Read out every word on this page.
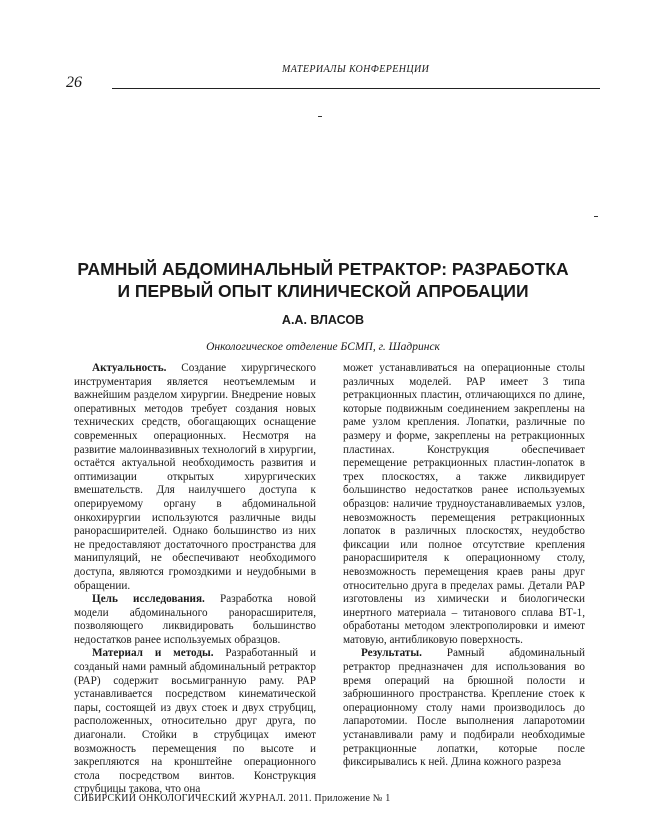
МАТЕРИАЛЫ КОНФЕРЕНЦИИ
26
РАМНЫЙ АБДОМИНАЛЬНЫЙ РЕТРАКТОР: РАЗРАБОТКА
И ПЕРВЫЙ ОПЫТ КЛИНИЧЕСКОЙ АПРОБАЦИИ
А.А. ВЛАСОВ
Онкологическое отделение БСМП, г. Шадринск

Актуальность. Создание хирургического инструментария является неотъемлемым и важнейшим разделом хирургии. Внедрение новых оперативных методов требует создания новых технических средств, обогащающих оснащение современных операционных. Несмотря на развитие малоинвазивных технологий в хирургии, остаётся актуальной необходимость развития и оптимизации открытых хирургических вмешательств. Для наилучшего доступа к оперируемому органу в абдоминальной онкохирургии используются различные виды ранорасширителей. Однако большинство из них не предоставляют достаточного пространства для манипуляций, не обеспечивают необходимого доступа, являются громоздкими и неудобными в обращении.

Цель исследования. Разработка новой модели абдоминального ранорасширителя, позволяющего ликвидировать большинство недостатков ранее используемых образцов.

Материал и методы. Разработанный и созданый нами рамный абдоминальный ретрактор (РАР) содержит восьмигранную раму. РАР устанавливается посредством кинематической пары, состоящей из двух стоек и двух струбциц, расположенных, относительно друг друга, по диагонали. Стойки в струбцицах имеют возможность перемещения по высоте и закрепляются на кронштейне операционного стола посредством винтов. Конструкция струбцицы такова, что она

может устанавливаться на операционные столы различных моделей. РАР имеет 3 типа ретракционных пластин, отличающихся по длине, которые подвижным соединением закреплены на раме узлом крепления. Лопатки, различные по размеру и форме, закреплены на ретракционных пластинах. Конструкция обеспечивает перемещение ретракционных пластин-лопаток в трех плоскостях, а также ликвидирует большинство недостатков ранее используемых образцов: наличие трудноустанавливаемых узлов, невозможность перемещения ретракционных лопаток в различных плоскостях, неудобство фиксации или полное отсутствие крепления ранорасширителя к операционному столу, невозможность перемещения краев раны друг относительно друга в пределах рамы. Детали РАР изготовлены из химически и биологически инертного материала – титанового сплава ВТ-1, обработаны методом электрополировки и имеют матовую, антибликовую поверхность.

Результаты. Рамный абдоминальный ретрактор предназначен для использования во время операций на брюшной полости и забрюшинного пространства. Крепление стоек к операционному столу нами производилось до лапаротомии. После выполнения лапаротомии устанавливали раму и подбирали необходимые ретракционные лопатки, которые после фиксирывались к ней. Длина кожного разреза

СИБИРСКИЙ ОНКОЛОГИЧЕСКИЙ ЖУРНАЛ. 2011. Приложение № 1
